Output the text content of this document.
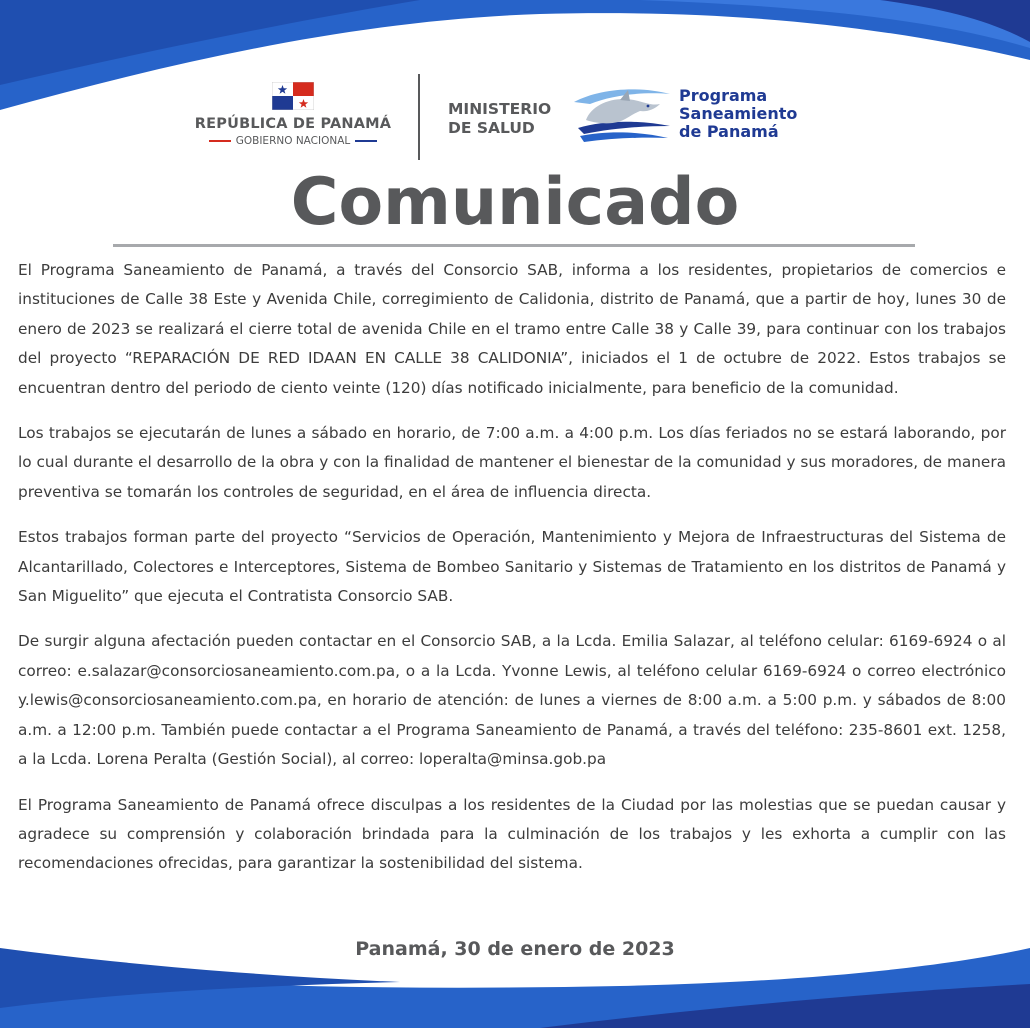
REPÚBLICA DE PANAMÁ
GOBIERNO NACIONAL
MINISTERIO
DE SALUD
Programa
Saneamiento
de Panamá
Comunicado

El Programa Saneamiento de Panamá, a través del Consorcio SAB, informa a los residentes, propietarios de comercios e instituciones de Calle 38 Este y Avenida Chile, corregimiento de Calidonia, distrito de Panamá, que a partir de hoy, lunes 30 de enero de 2023 se realizará el cierre total de avenida Chile en el tramo entre Calle 38 y Calle 39, para continuar con los trabajos del proyecto “REPARACIÓN DE RED IDAAN EN CALLE 38 CALIDONIA”, iniciados el 1 de octubre de 2022. Estos trabajos se encuentran dentro del periodo de ciento veinte (120) días notificado inicialmente, para beneficio de la comunidad.

Los trabajos se ejecutarán de lunes a sábado en horario, de 7:00 a.m. a 4:00 p.m. Los días feriados no se estará laborando, por lo cual durante el desarrollo de la obra y con la finalidad de mantener el bienestar de la comunidad y sus moradores, de manera preventiva se tomarán los controles de seguridad, en el área de influencia directa.

Estos trabajos forman parte del proyecto “Servicios de Operación, Mantenimiento y Mejora de Infraestructuras del Sistema de Alcantarillado, Colectores e Interceptores, Sistema de Bombeo Sanitario y Sistemas de Tratamiento en los distritos de Panamá y San Miguelito” que ejecuta el Contratista Consorcio SAB.

De surgir alguna afectación pueden contactar en el Consorcio SAB, a la Lcda. Emilia Salazar, al teléfono celular: 6169-6924 o al correo: e.salazar@consorciosaneamiento.com.pa, o a la Lcda. Yvonne Lewis, al teléfono celular 6169-6924 o correo electrónico y.lewis@consorciosaneamiento.com.pa, en horario de atención: de lunes a viernes de 8:00 a.m. a 5:00 p.m. y sábados de 8:00 a.m. a 12:00 p.m. También puede contactar a el Programa Saneamiento de Panamá, a través del teléfono: 235-8601 ext. 1258, a la Lcda. Lorena Peralta (Gestión Social), al correo: loperalta@minsa.gob.pa

El Programa Saneamiento de Panamá ofrece disculpas a los residentes de la Ciudad por las molestias que se puedan causar y agradece su comprensión y colaboración brindada para la culminación de los trabajos y les exhorta a cumplir con las recomendaciones ofrecidas, para garantizar la sostenibilidad del sistema.

Panamá, 30 de enero de 2023
